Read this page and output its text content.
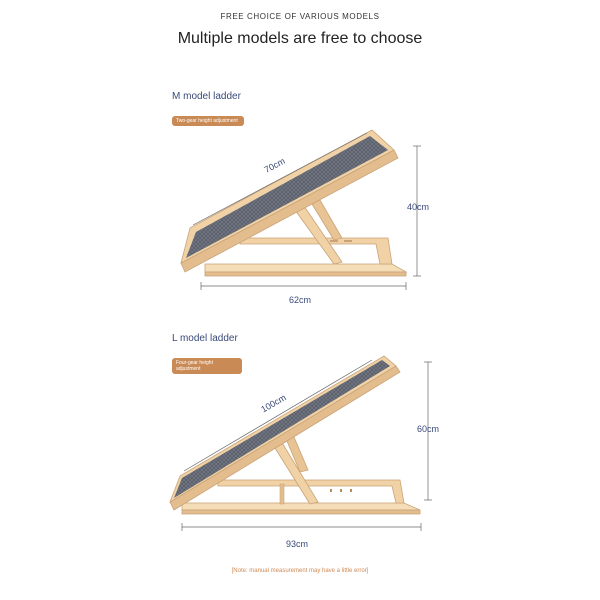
FREE CHOICE OF VARIOUS MODELS
Multiple models are free to choose
M model ladder
Two-gear height adjustment
L model ladder
Four-gear height adjustment
70cm
40cm
62cm
100cm
60cm
93cm
[Note: manual measurement may have a little error]
